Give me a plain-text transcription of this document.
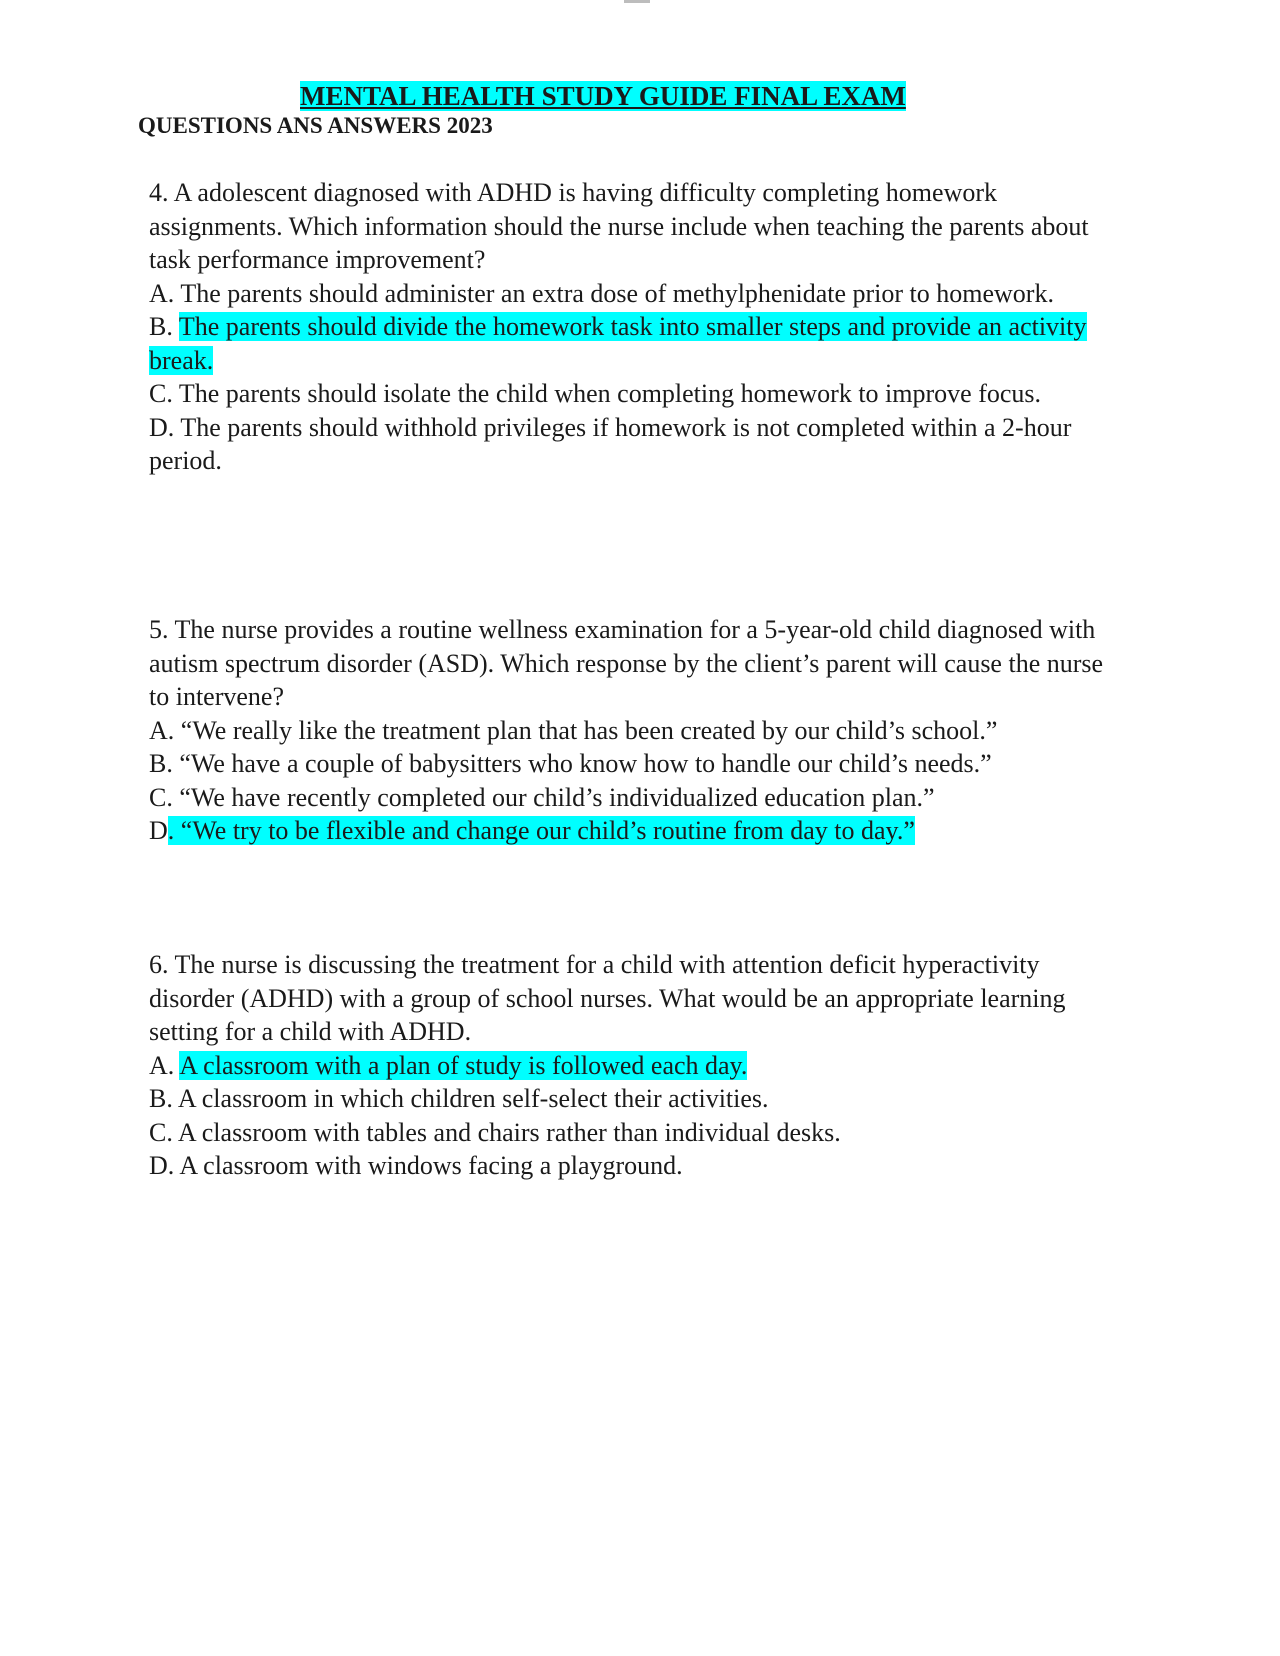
MENTAL HEALTH STUDY GUIDE FINAL EXAM
QUESTIONS ANS ANSWERS 2023

4. A adolescent diagnosed with ADHD is having difficulty completing homework assignments. Which information should the nurse include when teaching the parents about task performance improvement?

A. The parents should administer an extra dose of methylphenidate prior to homework.

B. The parents should divide the homework task into smaller steps and provide an activity break.

C. The parents should isolate the child when completing homework to improve focus.

D. The parents should withhold privileges if homework is not completed within a 2-hour period.

5. The nurse provides a routine wellness examination for a 5-year-old child diagnosed with autism spectrum disorder (ASD). Which response by the client’s parent will cause the nurse to intervene?

A. “We really like the treatment plan that has been created by our child’s school.”

B. “We have a couple of babysitters who know how to handle our child’s needs.”

C. “We have recently completed our child’s individualized education plan.”

D. “We try to be flexible and change our child’s routine from day to day.”

6. The nurse is discussing the treatment for a child with attention deficit hyperactivity disorder (ADHD) with a group of school nurses. What would be an appropriate learning setting for a child with ADHD.

A. A classroom with a plan of study is followed each day.

B. A classroom in which children self-select their activities.

C. A classroom with tables and chairs rather than individual desks.

D. A classroom with windows facing a playground.
